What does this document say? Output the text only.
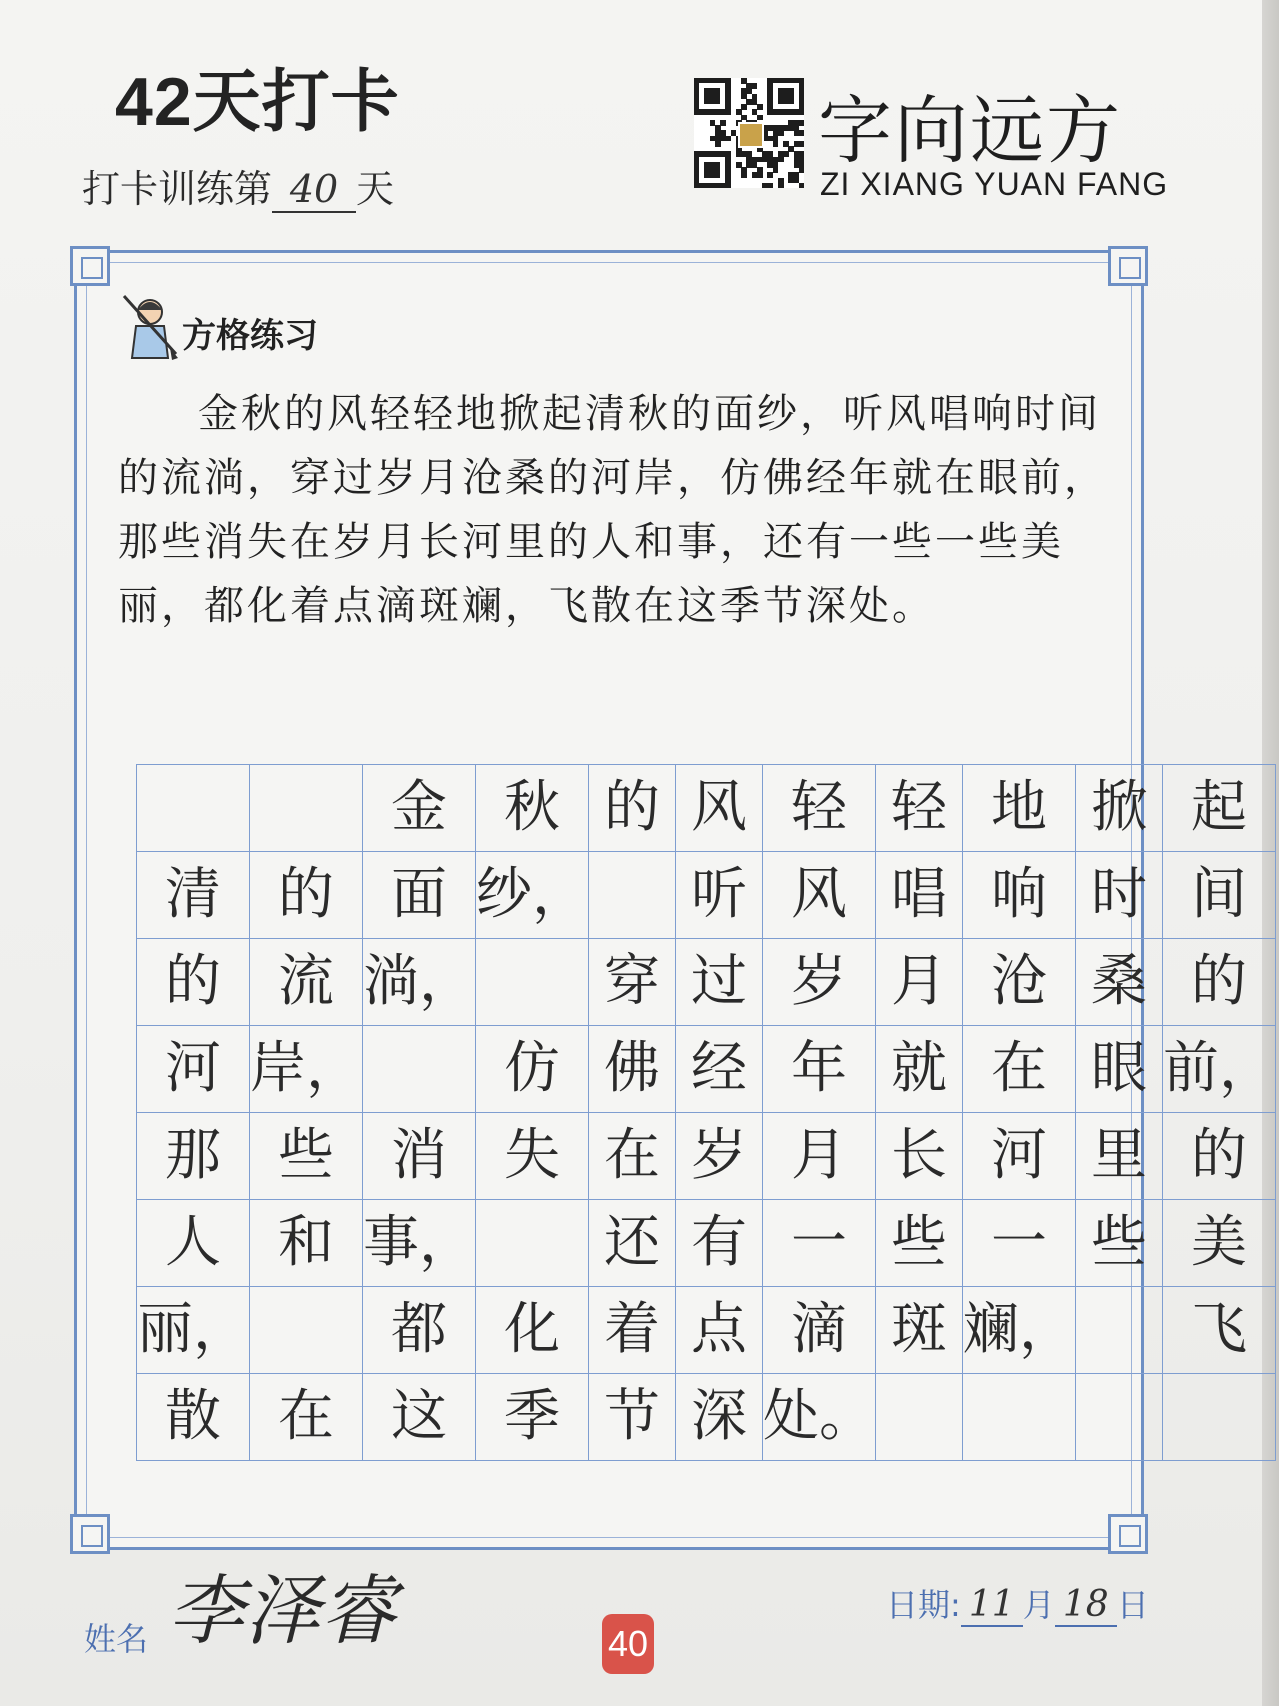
42天打卡
打卡训练第 40 天
字向远方
ZI XIANG YUAN FANG
方格练习
金秋的风轻轻地掀起清秋的面纱，听风唱响时间的流淌，穿过岁月沧桑的河岸，仿佛经年就在眼前，那些消失在岁月长河里的人和事，还有一些一些美丽，都化着点滴斑斓，飞散在这季节深处。
		金	秋	的	风	轻	轻	地	掀	起
清	的	面	纱，		听	风	唱	响	时	间
的	流	淌，		穿	过	岁	月	沧	桑	的
河	岸，		仿	佛	经	年	就	在	眼	前，
那	些	消	失	在	岁	月	长	河	里	的
人	和	事，		还	有	一	些	一	些	美
丽，		都	化	着	点	滴	斑	斓，		飞
散	在	这	季	节	深	处。				
姓名 李泽睿	40
日期: 11 月 18 日
